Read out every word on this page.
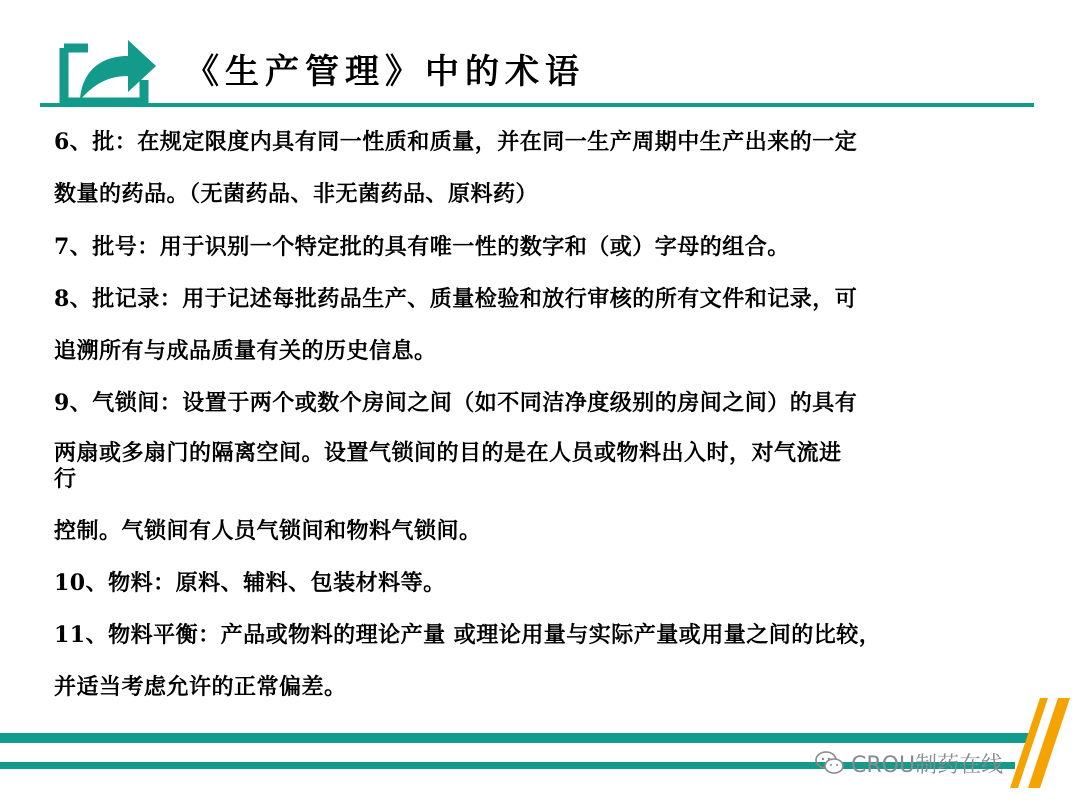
《生产管理》中的术语
6、批：在规定限度内具有同一性质和质量，并在同一生产周期中生产出来的一定
数量的药品。（无菌药品、非无菌药品、原料药）
7、批号：用于识别一个特定批的具有唯一性的数字和（或）字母的组合。
8、批记录：用于记述每批药品生产、质量检验和放行审核的所有文件和记录，可
追溯所有与成品质量有关的历史信息。
9、气锁间：设置于两个或数个房间之间（如不同洁净度级别的房间之间）的具有
两扇或多扇门的隔离空间。设置气锁间的目的是在人员或物料出入时，对气流进
行
控制。气锁间有人员气锁间和物料气锁间。
10、物料：原料、辅料、包装材料等。
11、物料平衡：产品或物料的理论产量 或理论用量与实际产量或用量之间的比较，
并适当考虑允许的正常偏差。
CROU制药在线
